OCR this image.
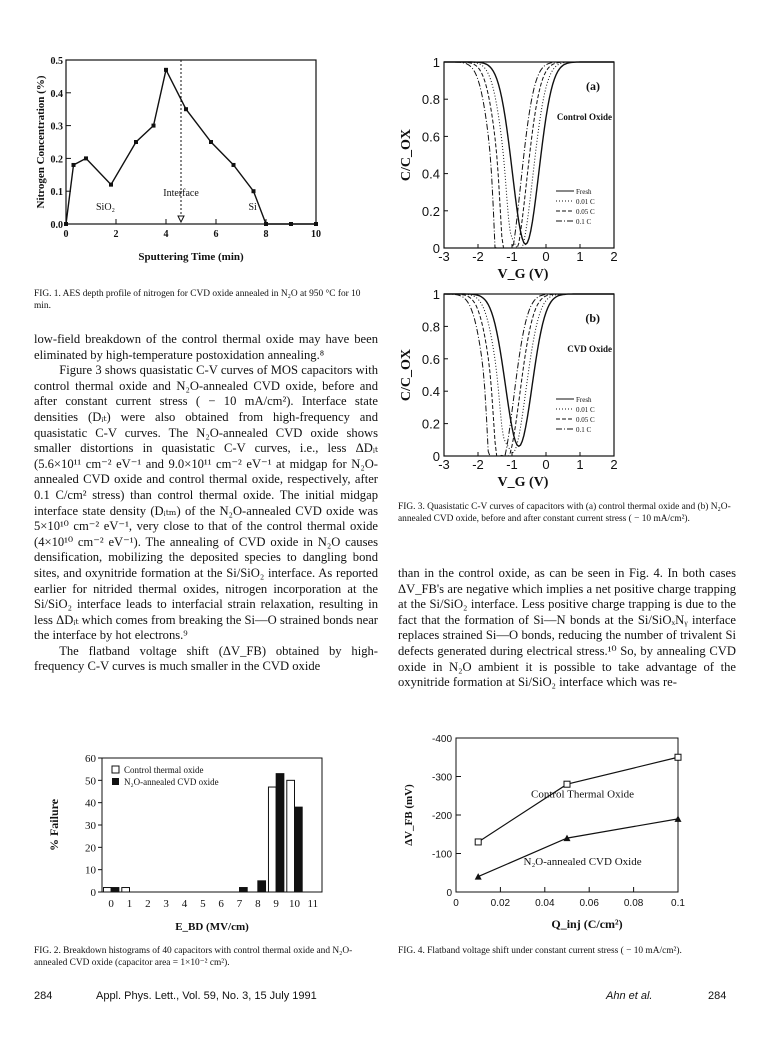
0.0
0.1
0.2
0.3
0.4
0.5
0	2	4	6	8	10
Sputtering Time (min)
Nitrogen Concentration (%)	Interface
SiO₂	Si
FIG. 1. AES depth profile of nitrogen for CVD oxide annealed in N₂O at 950 °C for 10 min.
0
0.2
0.4
0.6
0.8
1
-3 -2 -1 0 1 2
V_G (V)
C/C_OX
(a)
Control Oxide
Fresh
0.01 C
0.05 C
0.1 C
0
0.2
0.4
0.6
0.8
1
-3 -2 -1 0 1 2
V_G (V)
C/C_OX
(b)
CVD Oxide
Fresh
0.01 C
0.05 C
0.1 C
FIG. 3. Quasistatic C-V curves of capacitors with (a) control thermal oxide and (b) N₂O-annealed CVD oxide, before and after constant current stress ( − 10 mA/cm²).

low-field breakdown of the control thermal oxide may have been eliminated by high-temperature postoxidation annealing.⁸

Figure 3 shows quasistatic C-V curves of MOS capacitors with control thermal oxide and N₂O-annealed CVD oxide, before and after constant current stress ( − 10 mA/cm²). Interface state densities (Dᵢₜ) were also obtained from high-frequency and quasistatic C-V curves. The N₂O-annealed CVD oxide shows smaller distortions in quasistatic C-V curves, i.e., less ΔDᵢₜ (5.6×10¹¹ cm⁻² eV⁻¹ and 9.0×10¹¹ cm⁻² eV⁻¹ at midgap for N₂O-annealed CVD oxide and control thermal oxide, respectively, after 0.1 C/cm² stress) than control thermal oxide. The initial midgap interface state density (Dᵢₜₘ) of the N₂O-annealed CVD oxide was 5×10¹⁰ cm⁻² eV⁻¹, very close to that of the control thermal oxide (4×10¹⁰ cm⁻² eV⁻¹). The annealing of CVD oxide in N₂O causes densification, mobilizing the deposited species to dangling bond sites, and oxynitride formation at the Si/SiO₂ interface. As reported earlier for nitrided thermal oxides, nitrogen incorporation at the Si/SiO₂ interface leads to interfacial strain relaxation, resulting in less ΔDᵢₜ which comes from breaking the Si—O strained bonds near the interface by hot electrons.⁹

The flatband voltage shift (ΔV_FB) obtained by high-frequency C-V curves is much smaller in the CVD oxide

than in the control oxide, as can be seen in Fig. 4. In both cases ΔV_FB's are negative which implies a net positive charge trapping at the Si/SiO₂ interface. Less positive charge trapping is due to the fact that the formation of Si—N bonds at the Si/SiOₓNᵧ interface replaces strained Si—O bonds, reducing the number of trivalent Si defects generated during electrical stress.¹⁰ So, by annealing CVD oxide in N₂O ambient it is possible to take advantage of the oxynitride formation at Si/SiO₂ interface which was re-

0
10
20
30
40
50
60
0 1 2 3 4 5 6 7 8 9 10 11
E_BD (MV/cm)
% Failure
Control thermal oxide
N₂O-annealed CVD oxide
FIG. 2. Breakdown histograms of 40 capacitors with control thermal oxide and N₂O-annealed CVD oxide (capacitor area = 1×10⁻² cm²).
0
-100
-200
-300
-400
0	0.02 0.04 0.06 0.08	0.1
Q_inj (C/cm²)
ΔV_FB (mV)	Control Thermal Oxide
N₂O-annealed CVD Oxide
FIG. 4. Flatband voltage shift under constant current stress ( − 10 mA/cm²).
284	Appl. Phys. Lett., Vol. 59, No. 3, 15 July 1991	Ahn et al.	284
